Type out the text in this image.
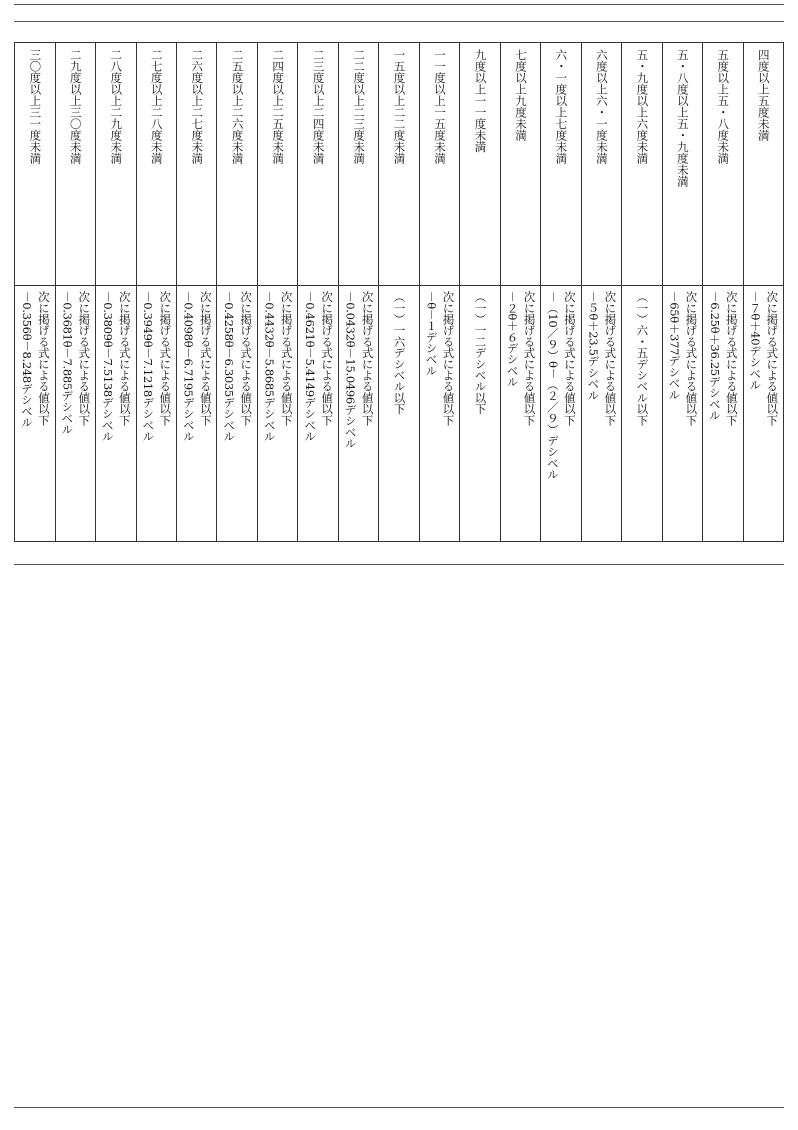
四度以上五度未満
次に掲げる式による値以下
－７θ＋40デシベル
五度以上五・八度未満
次に掲げる式による値以下
－6.25θ＋36.25デシベル
五・八度以上五・九度未満
次に掲げる式による値以下
－65θ＋377デシベル
五・九度以上六度未満
（一）六・五デシベル以下
六度以上六・一度未満
次に掲げる式による値以下
－５θ＋23.5デシベル
六・一度以上七度未満
次に掲げる式による値以下
－（10／９）θ－（２／９）デシベル
七度以上九度未満
次に掲げる式による値以下
－２θ＋６デシベル
九度以上一一度未満
（一）一二デシベル以下
一一度以上一五度未満
次に掲げる式による値以下
－θ－１デシベル
一五度以上二二度未満
（一）一六デシベル以下
二二度以上二三度未満
次に掲げる式による値以下
－0.0432θ－15.0496デシベル
二三度以上二四度未満
次に掲げる式による値以下
－0.4621θ－5.4149デシベル
二四度以上二五度未満
次に掲げる式による値以下
－0.4432θ－5.8685デシベル
二五度以上二六度未満
次に掲げる式による値以下
－0.4258θ－6.3035デシベル
二六度以上二七度未満
次に掲げる式による値以下
－0.4098θ－6.7195デシベル
二七度以上二八度未満
次に掲げる式による値以下
－0.3949θ－7.1218デシベル
二八度以上二九度未満
次に掲げる式による値以下
－0.3809θ－7.5138デシベル
二九度以上三〇度未満
次に掲げる式による値以下
－0.3681θ－7.885デシベル
三〇度以上三一度未満
次に掲げる式による値以下
－0.356θ－8.248デシベル
